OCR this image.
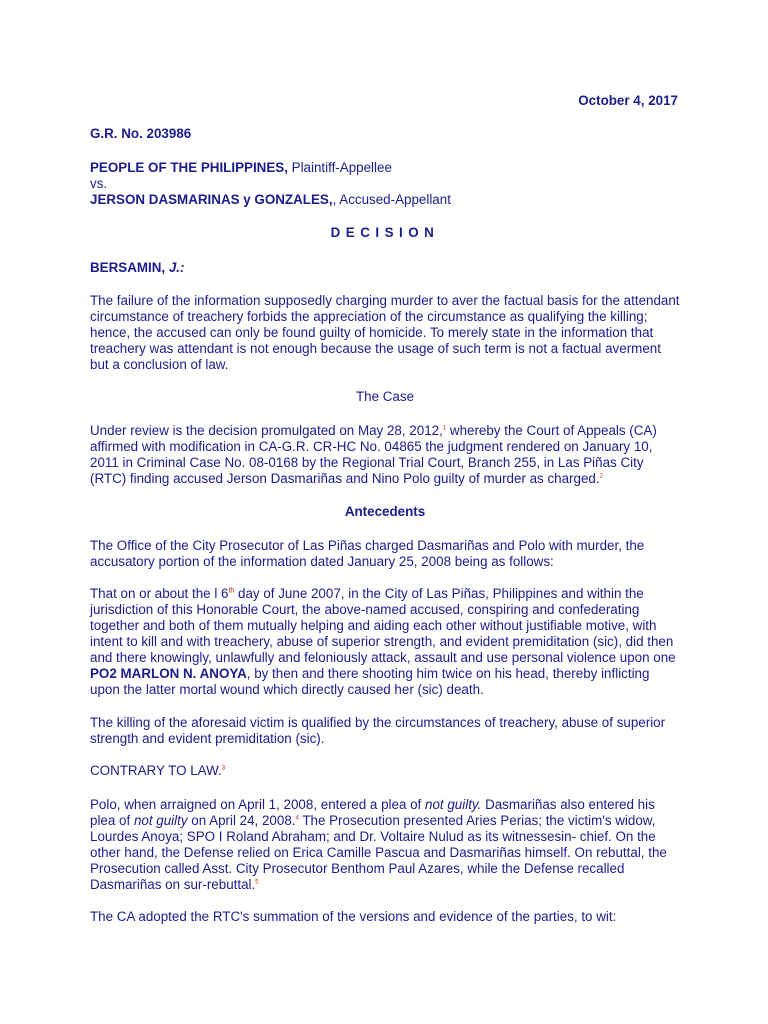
October 4, 2017
G.R. No. 203986

PEOPLE OF THE PHILIPPINES, Plaintiff-Appellee

vs.

JERSON DASMARINAS y GONZALES,, Accused-Appellant

DECISION
BERSAMIN, J.:

The failure of the information supposedly charging murder to aver the factual basis for the attendant circumstance of treachery forbids the appreciation of the circumstance as qualifying the killing; hence, the accused can only be found guilty of homicide. To merely state in the information that treachery was attendant is not enough because the usage of such term is not a factual averment but a conclusion of law.

The Case

Under review is the decision promulgated on May 28, 2012,$^1$ whereby the Court of Appeals (CA) affirmed with modification in CA-G.R. CR-HC No. 04865 the judgment rendered on January 10, 2011 in Criminal Case No. 08-0168 by the Regional Trial Court, Branch 255, in Las Piñas City (RTC) finding accused Jerson Dasmariñas and Nino Polo guilty of murder as charged.$^2$

Antecedents

The Office of the City Prosecutor of Las Piñas charged Dasmariñas and Polo with murder, the accusatory portion of the information dated January 25, 2008 being as follows:

That on or about the l 6th day of June 2007, in the City of Las Piñas, Philippines and within the jurisdiction of this Honorable Court, the above-named accused, conspiring and confederating together and both of them mutually helping and aiding each other without justifiable motive, with intent to kill and with treachery, abuse of superior strength, and evident premiditation (sic), did then and there knowingly, unlawfully and feloniously attack, assault and use personal violence upon one PO2 MARLON N. ANOYA, by then and there shooting him twice on his head, thereby inflicting upon the latter mortal wound which directly caused her (sic) death.

The killing of the aforesaid victim is qualified by the circumstances of treachery, abuse of superior strength and evident premiditation (sic).

CONTRARY TO LAW.$^3$

Polo, when arraigned on April 1, 2008, entered a plea of not guilty. Dasmariñas also entered his plea of not guilty on April 24, 2008.$^4$ The Prosecution presented Aries Perias; the victim's widow, Lourdes Anoya; SPO I Roland Abraham; and Dr. Voltaire Nulud as its witnessesin- chief. On the other hand, the Defense relied on Erica Camille Pascua and Dasmariñas himself. On rebuttal, the Prosecution called Asst. City Prosecutor Benthom Paul Azares, while the Defense recalled Dasmariñas on sur-rebuttal.$^5$

The CA adopted the RTC's summation of the versions and evidence of the parties, to wit:
